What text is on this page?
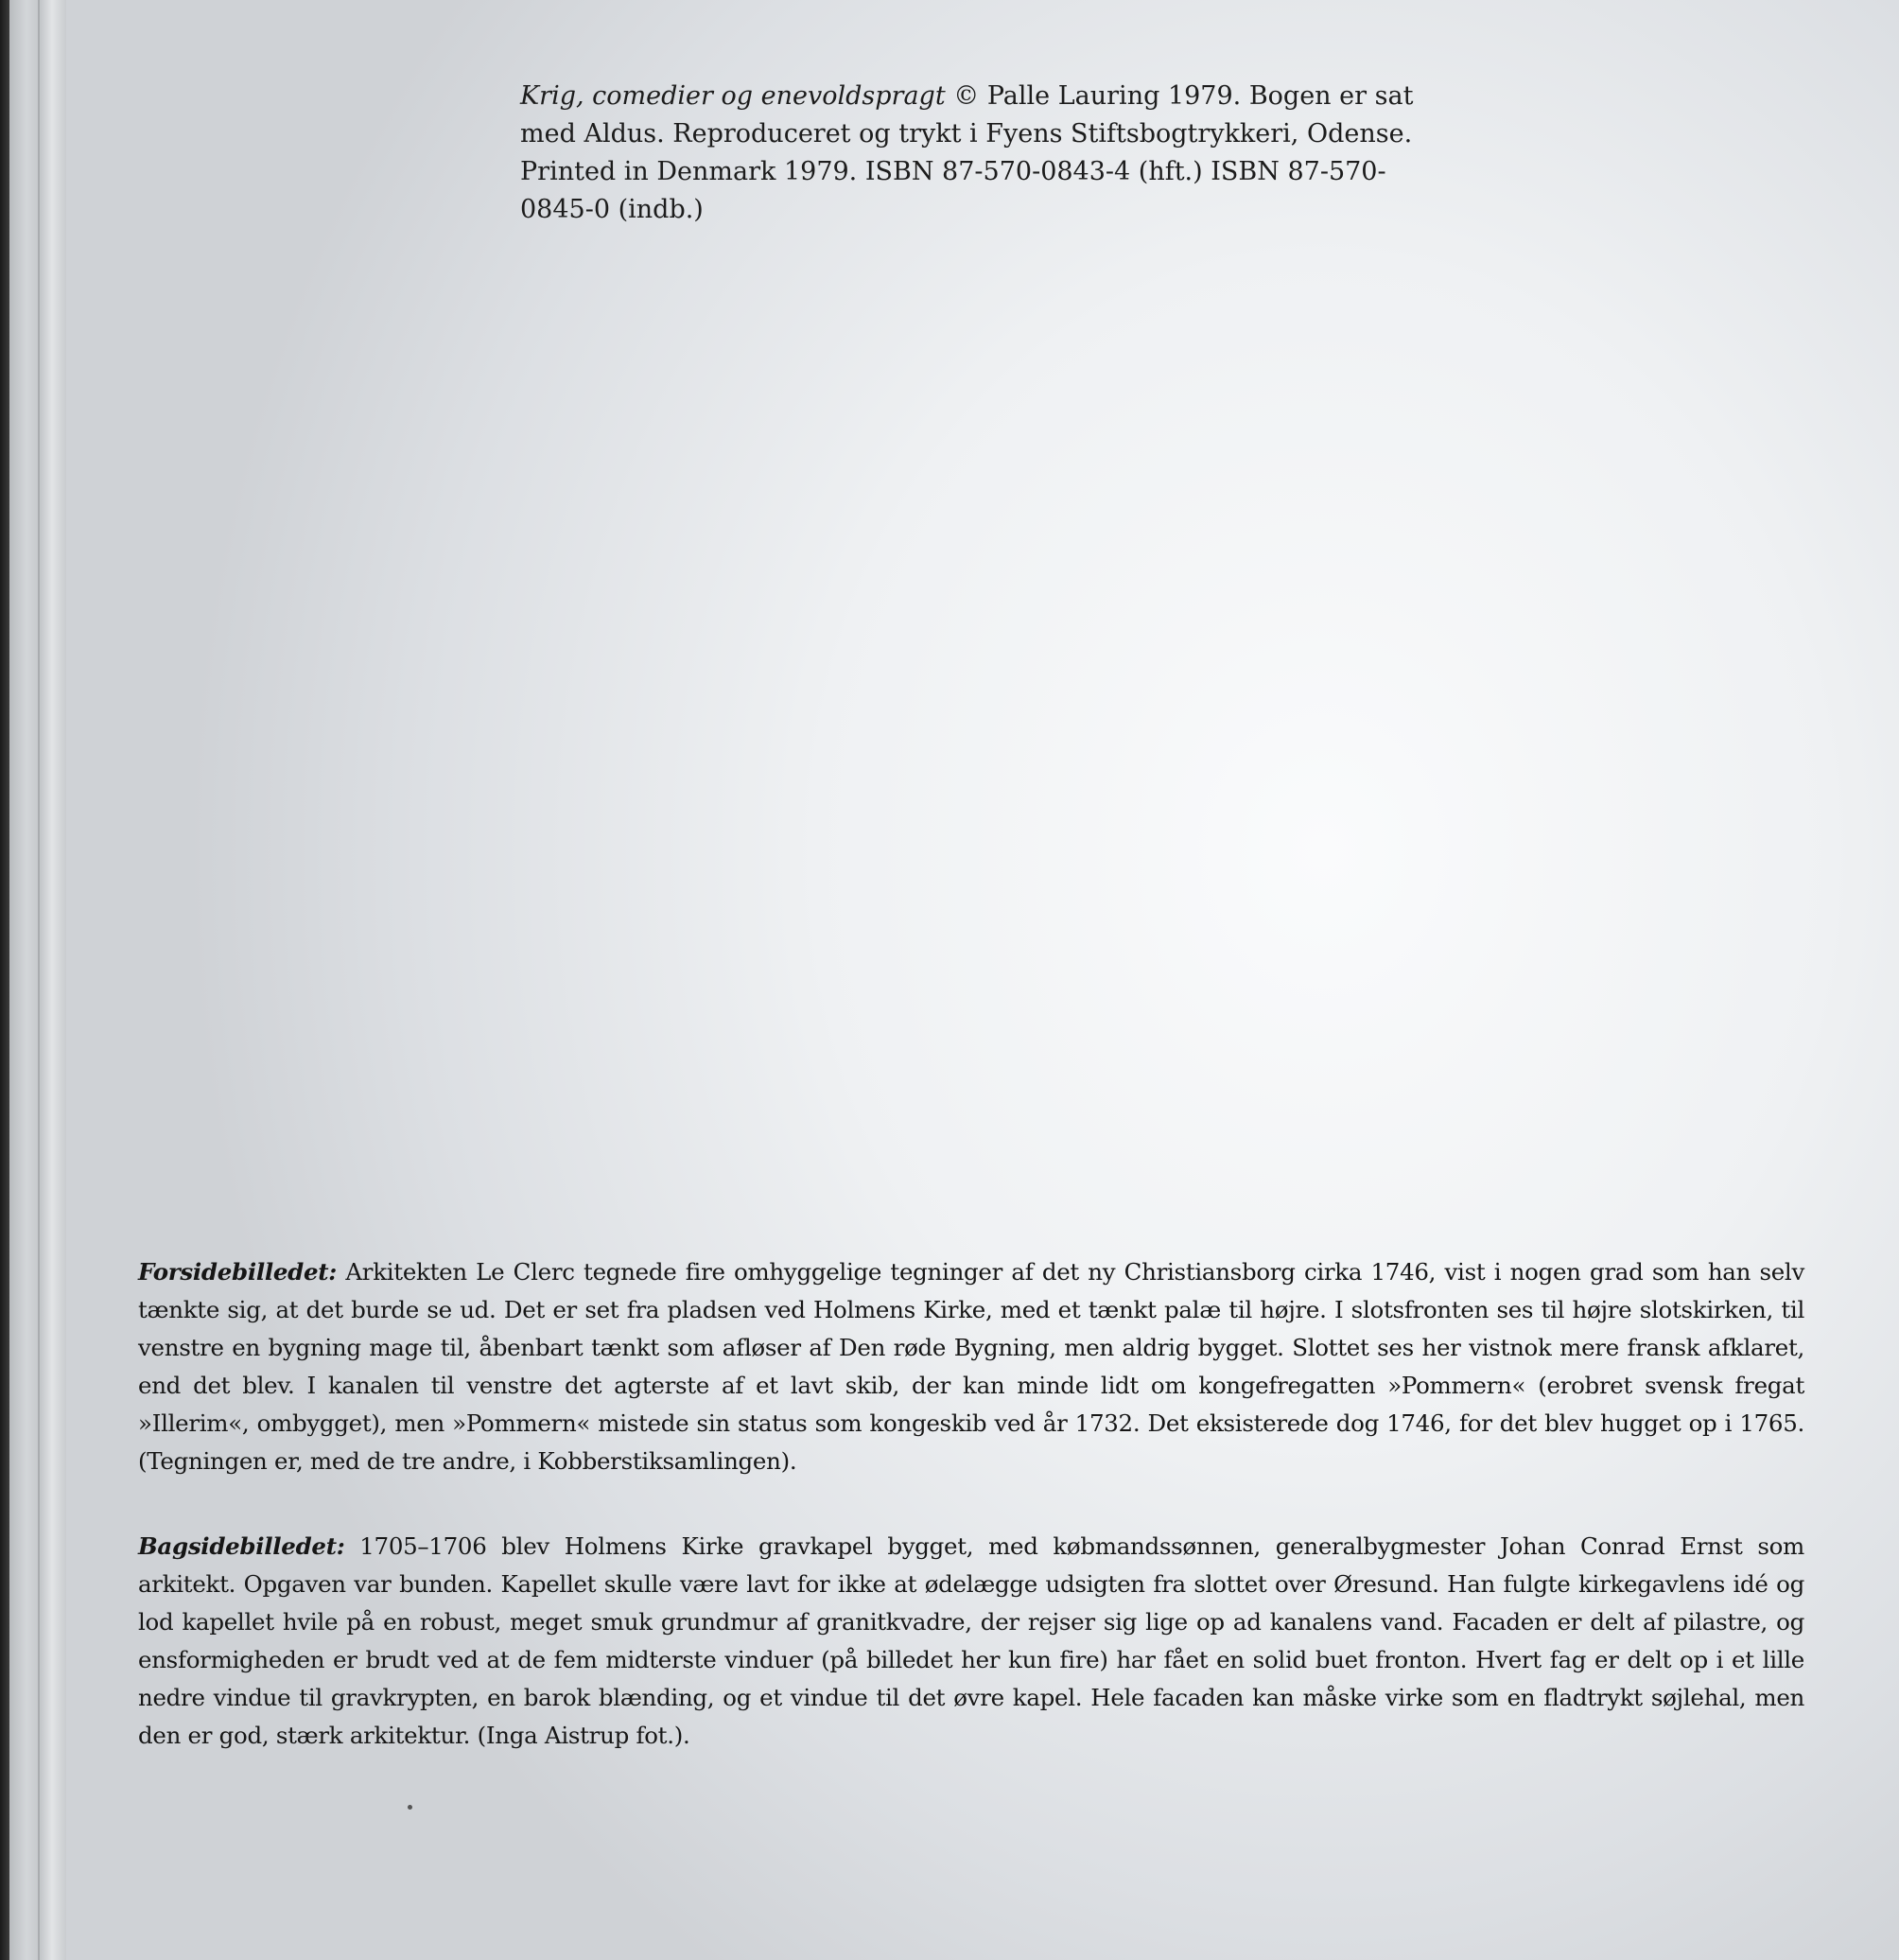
Krig, comedier og enevoldspragt © Palle Lauring 1979. Bogen er sat med Aldus. Reproduceret og trykt i Fyens Stiftsbogtrykkeri, Odense. Printed in Denmark 1979. ISBN 87-570-0843-4 (hft.) ISBN 87-570-0845-0 (indb.)

Forsidebilledet: Arkitekten Le Clerc tegnede fire omhyggelige tegninger af det ny Christiansborg cirka 1746, vist i nogen grad som han selv tænkte sig, at det burde se ud. Det er set fra pladsen ved Holmens Kirke, med et tænkt palæ til højre. I slotsfronten ses til højre slotskirken, til venstre en bygning mage til, åbenbart tænkt som afløser af Den røde Bygning, men aldrig bygget. Slottet ses her vistnok mere fransk afklaret, end det blev. I kanalen til venstre det agterste af et lavt skib, der kan minde lidt om kongefregatten »Pommern« (erobret svensk fregat »Illerim«, ombygget), men »Pommern« mistede sin status som kongeskib ved år 1732. Det eksisterede dog 1746, for det blev hugget op i 1765. (Tegningen er, med de tre andre, i Kobberstiksamlingen).

Bagsidebilledet: 1705–1706 blev Holmens Kirke gravkapel bygget, med købmandssønnen, generalbygmester Johan Conrad Ernst som arkitekt. Opgaven var bunden. Kapellet skulle være lavt for ikke at ødelægge udsigten fra slottet over Øresund. Han fulgte kirkegavlens idé og lod kapellet hvile på en robust, meget smuk grundmur af granitkvadre, der rejser sig lige op ad kanalens vand. Facaden er delt af pilastre, og ensformigheden er brudt ved at de fem midterste vinduer (på billedet her kun fire) har fået en solid buet fronton. Hvert fag er delt op i et lille nedre vindue til gravkrypten, en barok blænding, og et vindue til det øvre kapel. Hele facaden kan måske virke som en fladtrykt søjlehal, men den er god, stærk arkitektur. (Inga Aistrup fot.).
